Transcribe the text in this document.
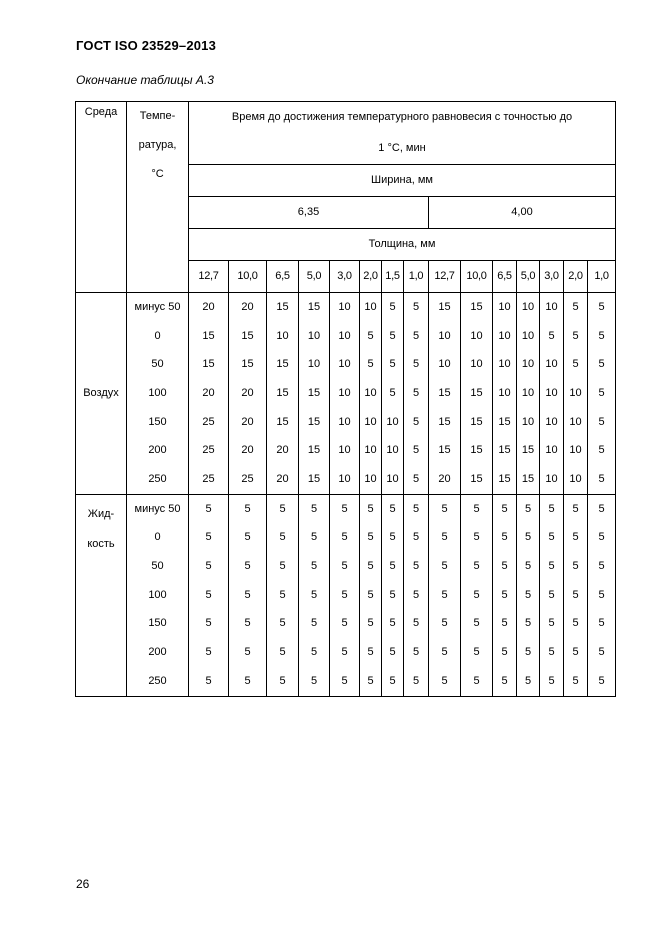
ГОСТ ISO 23529–2013
Окончание таблицы А.3
Среда	Темпе-
ратура,
°С	Время до достижения температурного равновесия с точностью до														
		1 °С, мин														
		Ширина, мм														
		6,35								4,00						
		Толщина, мм														
		12,7	10,0	6,5	5,0	3,0	2,0	1,5	1,0	12,7	10,0	6,5	5,0	3,0	2,0	1,0

Воздух	минус 50	20	20	15	15	10	10	5	5	15	15	10	10	10	5	5
	0	15	15	10	10	10	5	5	5	10	10	10	10	5	5	5
	50	15	15	15	10	10	5	5	5	10	10	10	10	10	5	5
	100	20	20	15	15	10	10	5	5	15	15	10	10	10	10	5
	150	25	20	15	15	10	10	10	5	15	15	15	10	10	10	5
	200	25	20	20	15	10	10	10	5	15	15	15	15	10	10	5
	250	25	25	20	15	10	10	10	5	20	15	15	15	10	10	5

Жид-
кость	минус 50	5	5	5	5	5	5	5	5	5	5	5	5	5	5	5
	0	5	5	5	5	5	5	5	5	5	5	5	5	5	5	5
	50	5	5	5	5	5	5	5	5	5	5	5	5	5	5	5
	100	5	5	5	5	5	5	5	5	5	5	5	5	5	5	5
	150	5	5	5	5	5	5	5	5	5	5	5	5	5	5	5
	200	5	5	5	5	5	5	5	5	5	5	5	5	5	5	5
	250	5	5	5	5	5	5	5	5	5	5	5	5	5	5	5
26
